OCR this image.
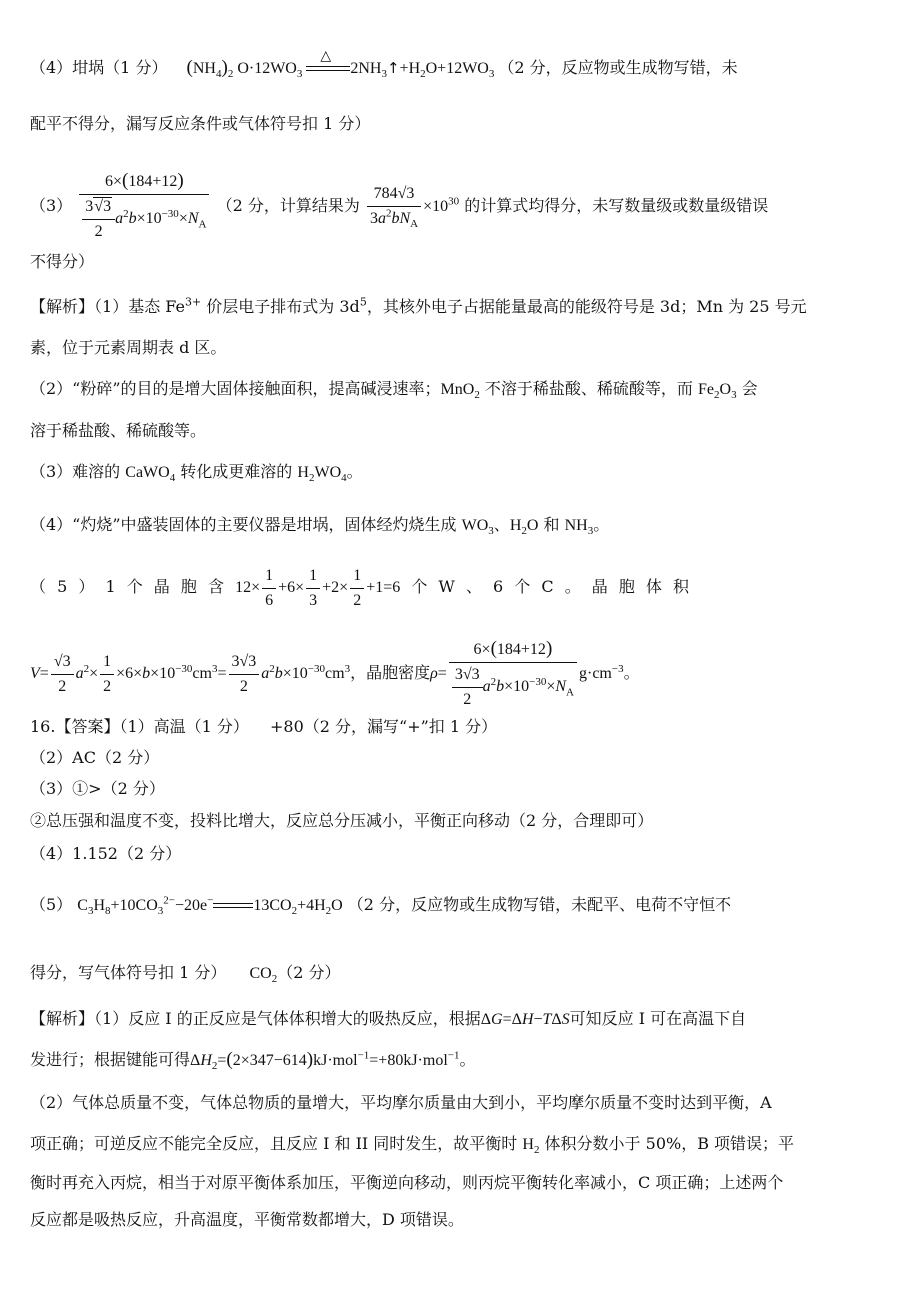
（4）坩埚（1 分） $(NH_4)_2$ $O\cdot 12WO_3$
△
$2NH_3↑+H_2O+12WO_3$ （2 分，反应物或生成物写错，未
配平不得分，漏写反应条件或气体符号扣 1 分）
$(3) \frac{6\times(184+12)}{\frac{3√3}{2} a^2b\times 10^{-30}\times N_A} (2$ 分，计算结果为 $\frac{784√3}{3a^2bN_A} \times 10^{30}$ 的计算式均得分，未写数量级或数量级错误
不得分）
【解析】（1）基态 $Fe^{3+}$ 价层电子排布式为 $3d^5$，其核外电子占据能量最高的能级符号是 3d；Mn 为 25 号元
素，位于元素周期表 d 区。
（2）“粉碎”的目的是增大固体接触面积，提高碱浸速率；MnO$_2$ 不溶于稀盐酸、稀硫酸等，而 $Fe_2O_3$ 会
溶于稀盐酸、稀硫酸等。
（3）难溶的 CaWO$_4$ 转化成更难溶的 $H_2WO_4$。
（4）“灼烧”中盛装固体的主要仪器是坩埚，固体经灼烧生成 $WO_3$、$H_2O$ 和 $NH_3$。
（ 5 ） 1 个 晶 胞 含 $12\times \frac{1}{6} +6\times \frac{1}{3} +2\times \frac{1}{2} +1=6$ 个 W 、 6 个 C 。 晶 胞 体 积
$V= \frac{√3}{2} a^2\times \frac{1}{2} \times 6\times b\times 10^{-30}cm^3= \frac{3√3}{2} a^2b\times 10^{-30}cm^3$，晶胞密度$\rho= \frac{6\times(184+12)}{\frac{3√3}{2} a^2b\times 10^{-30}\times N_A} g\cdot cm^{-3}$。
16.【答案】（1）高温（1 分） +80（2 分，漏写“+”扣 1 分）
（2）AC（2 分）
（3）①>（2 分）
②总压强和温度不变，投料比增大，反应总分压减小，平衡正向移动（2 分，合理即可）
（4）1.152（2 分）
（5） $C_3H_8+10CO_3^{2-}-20e^-$	$13CO_2+4H_2O$ （2 分，反应物或生成物写错，未配平、电荷不守恒不
得分，写气体符号扣 1 分） $CO_2(2$ 分）
【解析】（1）反应 I 的正反应是气体体积增大的吸热反应，根据ΔG=ΔH−TΔS可知反应 I 可在高温下自
发进行；根据键能可得$\Delta H_2=(2\times 347-614)kJ\cdot mol^{-1}=+80kJ\cdot mol^{-1}$。
（2）气体总质量不变，气体总物质的量增大，平均摩尔质量由大到小，平均摩尔质量不变时达到平衡，A
项正确；可逆反应不能完全反应，且反应 I 和 II 同时发生，故平衡时 $H_2$ 体积分数小于 50%，B 项错误；平
衡时再充入丙烷，相当于对原平衡体系加压，平衡逆向移动，则丙烷平衡转化率减小，C 项正确；上述两个
反应都是吸热反应，升高温度，平衡常数都增大，D 项错误。
